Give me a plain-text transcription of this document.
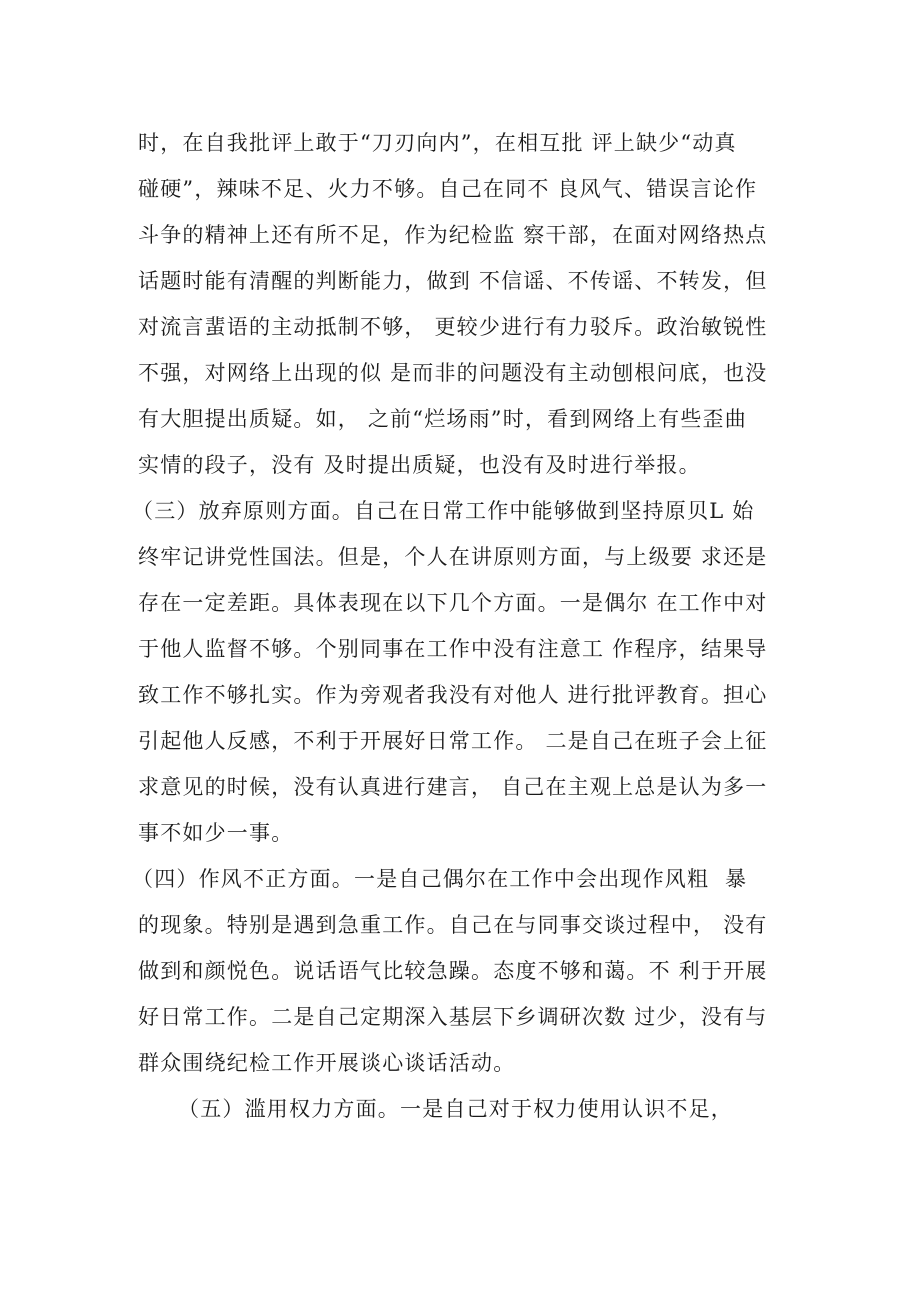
时，在自我批评上敢于“刀刃向内”，在相互批 评上缺少“动真
碰硬”，辣味不足、火力不够。自己在同不 良风气、错误言论作
斗争的精神上还有所不足，作为纪检监 察干部，在面对网络热点
话题时能有清醒的判断能力，做到 不信谣、不传谣、不转发，但
对流言蜚语的主动抵制不够， 更较少进行有力驳斥。政治敏锐性
不强，对网络上出现的似 是而非的问题没有主动刨根问底，也没
有大胆提出质疑。如， 之前“烂场雨”时，看到网络上有些歪曲
实情的段子，没有 及时提出质疑，也没有及时进行举报。
（三）放弃原则方面。自己在日常工作中能够做到坚持原贝L 始
终牢记讲党性国法。但是，个人在讲原则方面，与上级要 求还是
存在一定差距。具体表现在以下几个方面。一是偶尔 在工作中对
于他人监督不够。个别同事在工作中没有注意工 作程序，结果导
致工作不够扎实。作为旁观者我没有对他人 进行批评教育。担心
引起他人反感，不利于开展好日常工作。 二是自己在班子会上征
求意见的时候，没有认真进行建言， 自己在主观上总是认为多一
事不如少一事。
（四）作风不正方面。一是自己偶尔在工作中会出现作风粗  暴
的现象。特别是遇到急重工作。自己在与同事交谈过程中， 没有
做到和颜悦色。说话语气比较急躁。态度不够和蔼。不 利于开展
好日常工作。二是自己定期深入基层下乡调研次数 过少，没有与
群众围绕纪检工作开展谈心谈话活动。
（五）滥用权力方面。一是自己对于权力使用认识不足，
